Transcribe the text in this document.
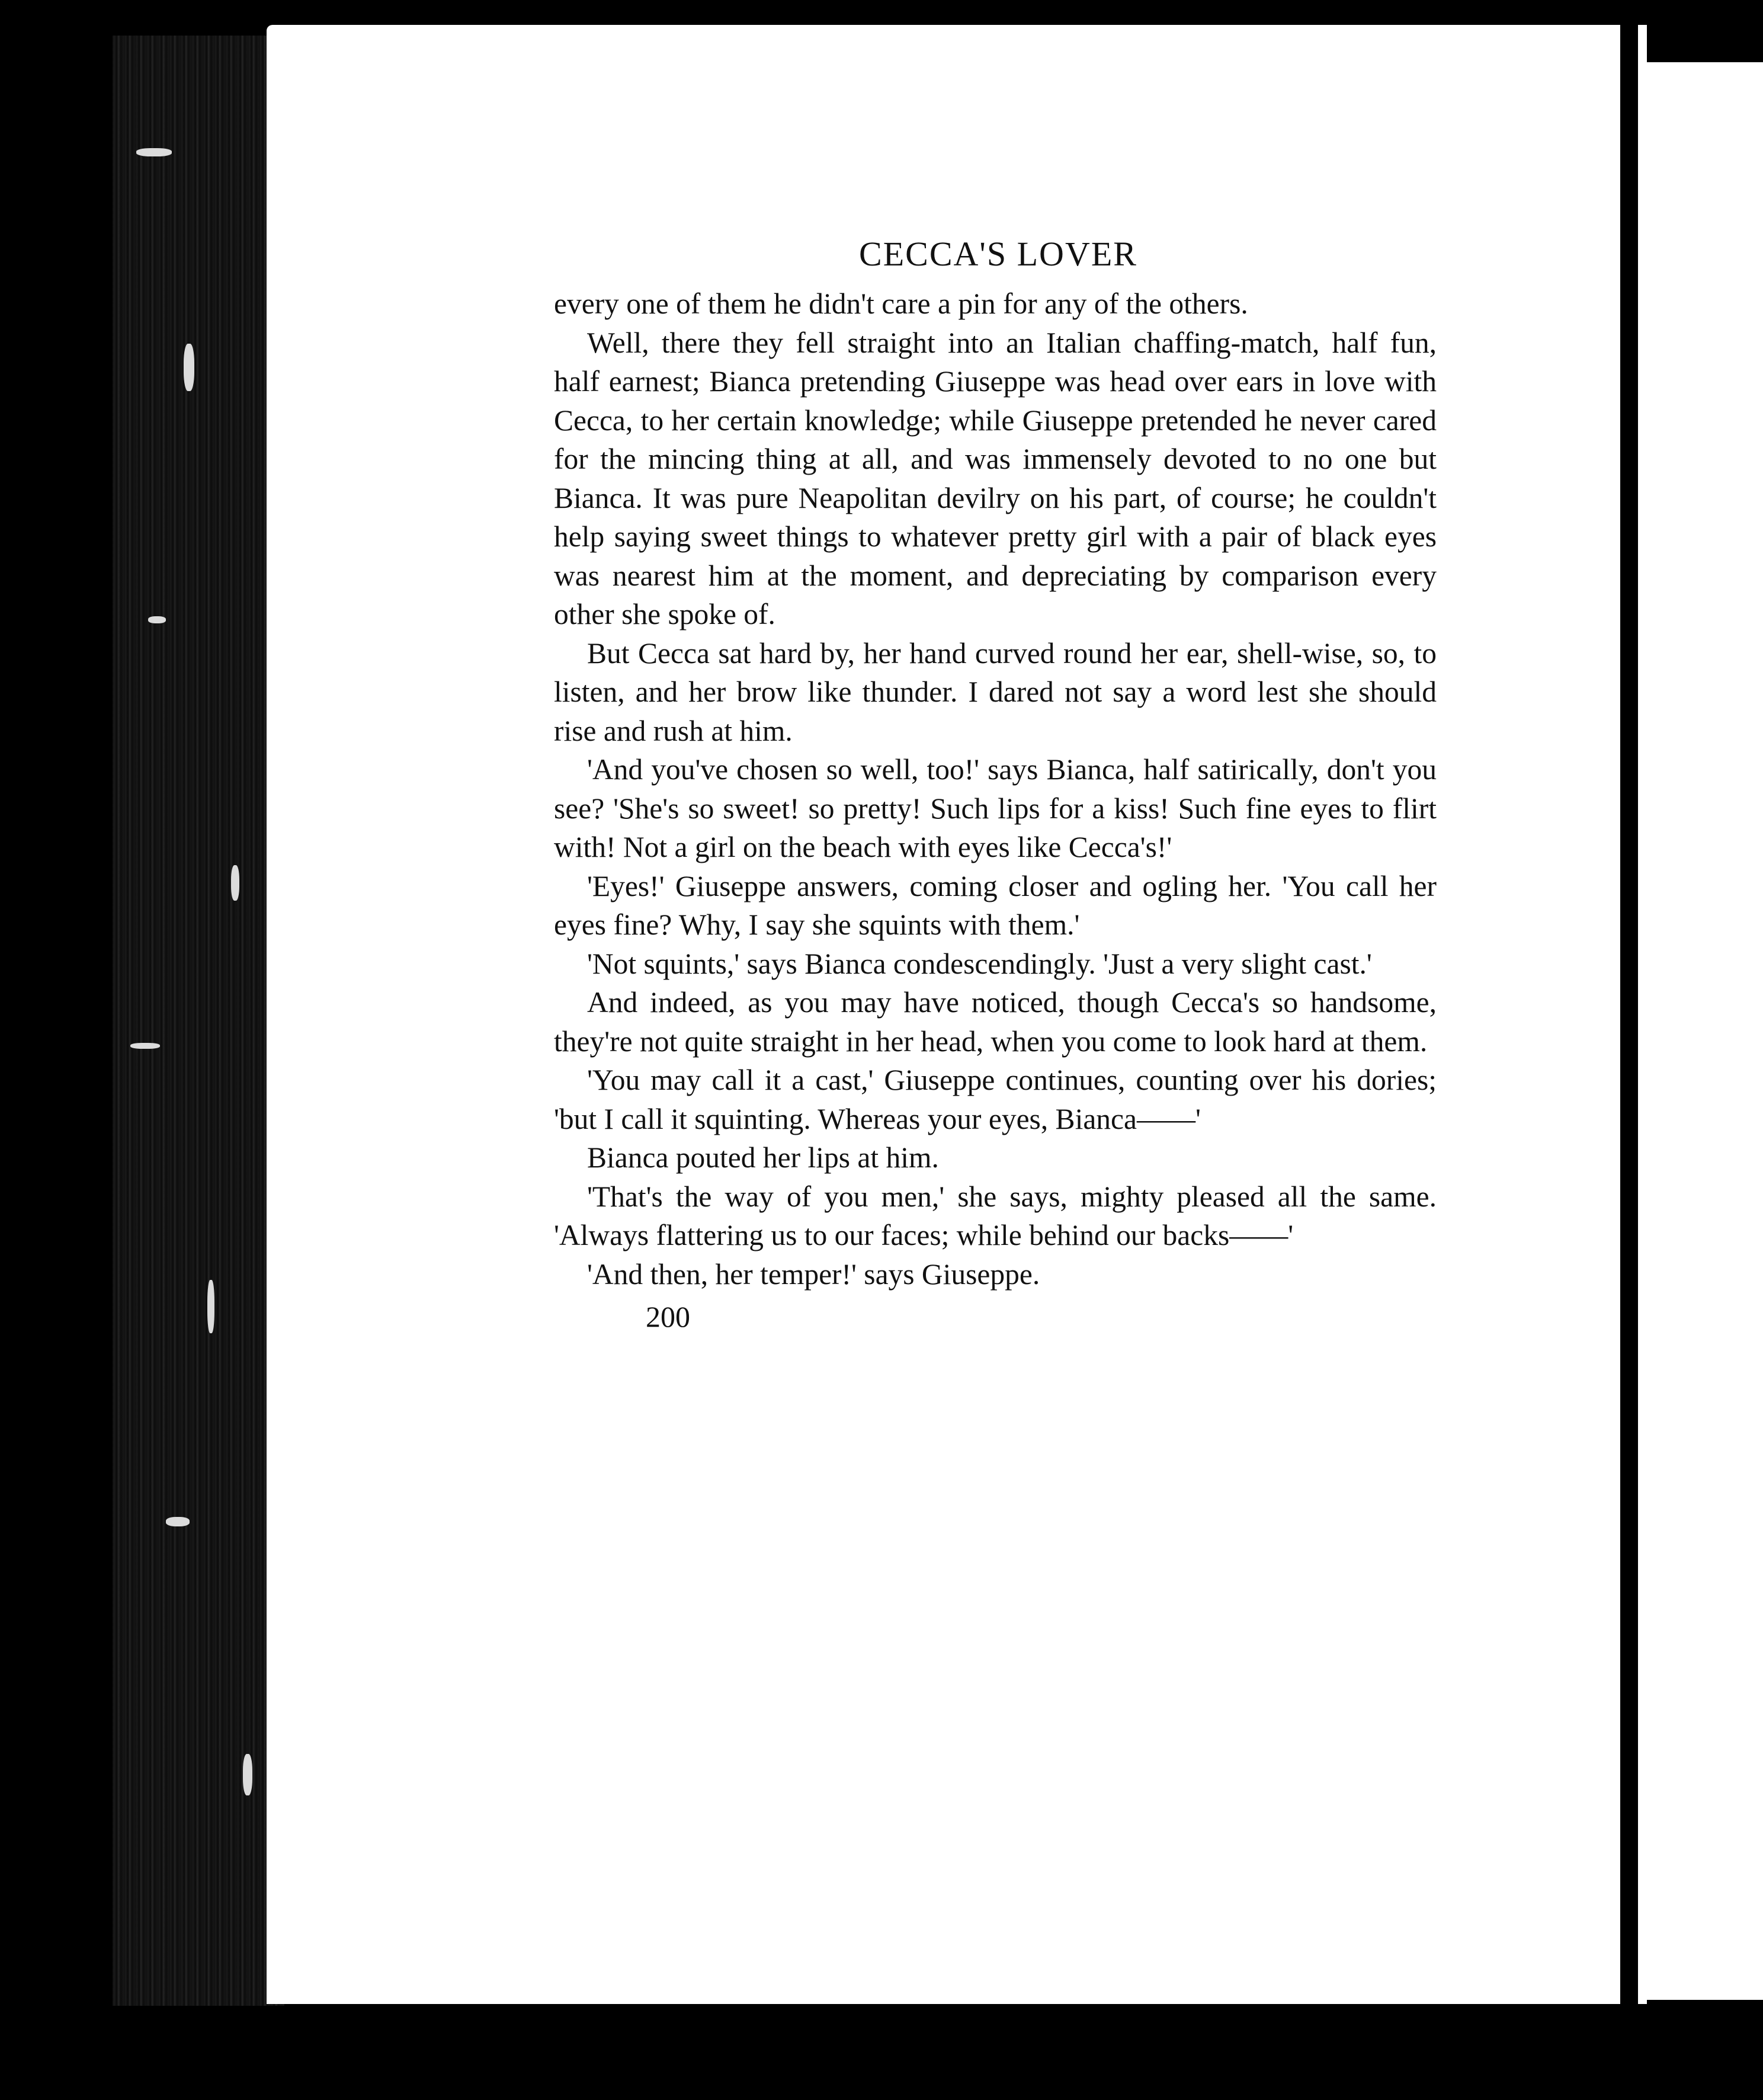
CECCA'S LOVER

every one of them he didn't care a pin for any of the others.

Well, there they fell straight into an Italian chaffing-match, half fun, half earnest; Bianca pretending Giuseppe was head over ears in love with Cecca, to her certain knowledge; while Giuseppe pretended he never cared for the mincing thing at all, and was immensely devoted to no one but Bianca. It was pure Neapolitan devilry on his part, of course; he couldn't help saying sweet things to whatever pretty girl with a pair of black eyes was nearest him at the moment, and depreciating by comparison every other she spoke of.

But Cecca sat hard by, her hand curved round her ear, shell-wise, so, to listen, and her brow like thunder. I dared not say a word lest she should rise and rush at him.

'And you've chosen so well, too!' says Bianca, half satirically, don't you see? 'She's so sweet! so pretty! Such lips for a kiss! Such fine eyes to flirt with! Not a girl on the beach with eyes like Cecca's!'

'Eyes!' Giuseppe answers, coming closer and ogling her. 'You call her eyes fine? Why, I say she squints with them.'

'Not squints,' says Bianca condescendingly. 'Just a very slight cast.'

And indeed, as you may have noticed, though Cecca's so handsome, they're not quite straight in her head, when you come to look hard at them.

'You may call it a cast,' Giuseppe continues, counting over his dories; 'but I call it squinting. Whereas your eyes, Bianca——'

Bianca pouted her lips at him.

'That's the way of you men,' she says, mighty pleased all the same. 'Always flattering us to our faces; while behind our backs——'

'And then, her temper!' says Giuseppe.

200
